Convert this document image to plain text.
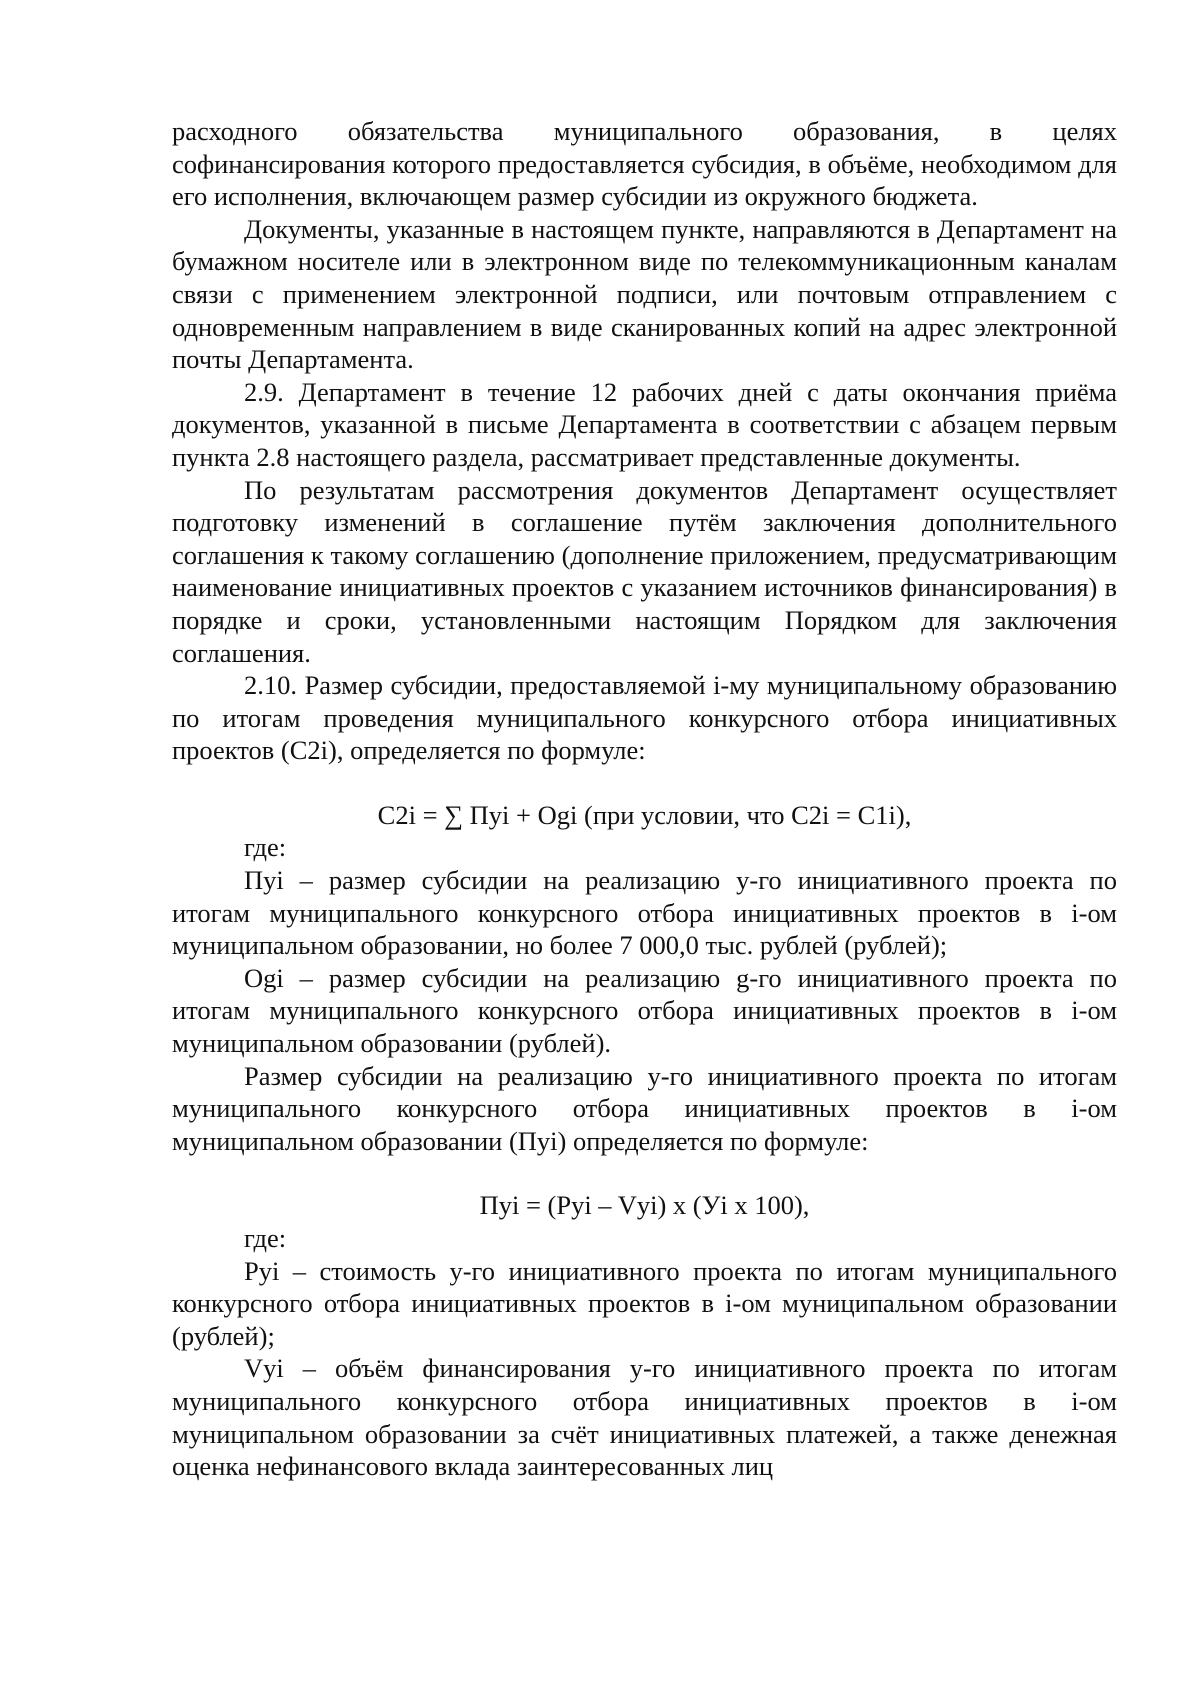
расходного обязательства муниципального образования, в целях софинансирования которого предоставляется субсидия, в объёме, необходимом для его исполнения, включающем размер субсидии из окружного бюджета.

Документы, указанные в настоящем пункте, направляются в Департамент на бумажном носителе или в электронном виде по телекоммуникационным каналам связи с применением электронной подписи, или почтовым отправлением с одновременным направлением в виде сканированных копий на адрес электронной почты Департамента.

2.9. Департамент в течение 12 рабочих дней с даты окончания приёма документов, указанной в письме Департамента в соответствии с абзацем первым пункта 2.8 настоящего раздела, рассматривает представленные документы.

По результатам рассмотрения документов Департамент осуществляет подготовку изменений в соглашение путём заключения дополнительного соглашения к такому соглашению (дополнение приложением, предусматривающим наименование инициативных проектов с указанием источников финансирования) в порядке и сроки, установленными настоящим Порядком для заключения соглашения.

2.10. Размер субсидии, предоставляемой i-му муниципальному образованию по итогам проведения муниципального конкурсного отбора инициативных проектов (С2i), определяется по формуле:

С2i = ∑ Пуi + Оgi (при условии, что С2i = С1i),

где:

Пуi – размер субсидии на реализацию у-го инициативного проекта по итогам муниципального конкурсного отбора инициативных проектов в i-ом муниципальном образовании, но более 7 000,0 тыс. рублей (рублей);

Ogi – размер субсидии на реализацию g-го инициативного проекта по итогам муниципального конкурсного отбора инициативных проектов в i-ом муниципальном образовании (рублей).

Размер субсидии на реализацию у-го инициативного проекта по итогам муниципального конкурсного отбора инициативных проектов в i-ом муниципальном образовании (Пуi) определяется по формуле:

Пуi = (Руi – Vуi) х (Уi х 100),

где:

Руi – стоимость у-го инициативного проекта по итогам муниципального конкурсного отбора инициативных проектов в i-ом муниципальном образовании (рублей);

Vуi – объём финансирования у-го инициативного проекта по итогам муниципального конкурсного отбора инициативных проектов в i-ом муниципальном образовании за счёт инициативных платежей, а также денежная оценка нефинансового вклада заинтересованных лиц
